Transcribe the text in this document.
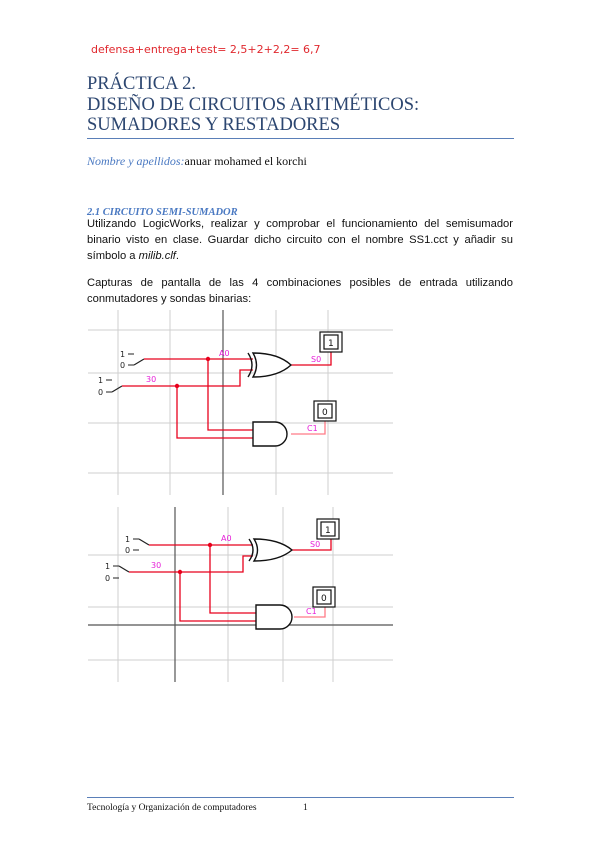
defensa+entrega+test= 2,5+2+2,2= 6,7
PRÁCTICA 2.
DISEÑO DE CIRCUITOS ARITMÉTICOS:
SUMADORES Y RESTADORES
Nombre y apellidos:anuar mohamed el korchi
2.1 CIRCUITO SEMI-SUMADOR
Utilizando LogicWorks, realizar y comprobar el funcionamiento del semisumador binario visto en clase. Guardar dicho circuito con el nombre SS1.cct y añadir su símbolo a milib.clf.
Capturas de pantalla de las 4 combinaciones posibles de entrada utilizando conmutadores y sondas binarias:
1
0
1
0
A0
30
S0
C1
1
0
1
0
1
0
A0
30
S0
C1
1
0
Tecnología y Organización de computadores	1
